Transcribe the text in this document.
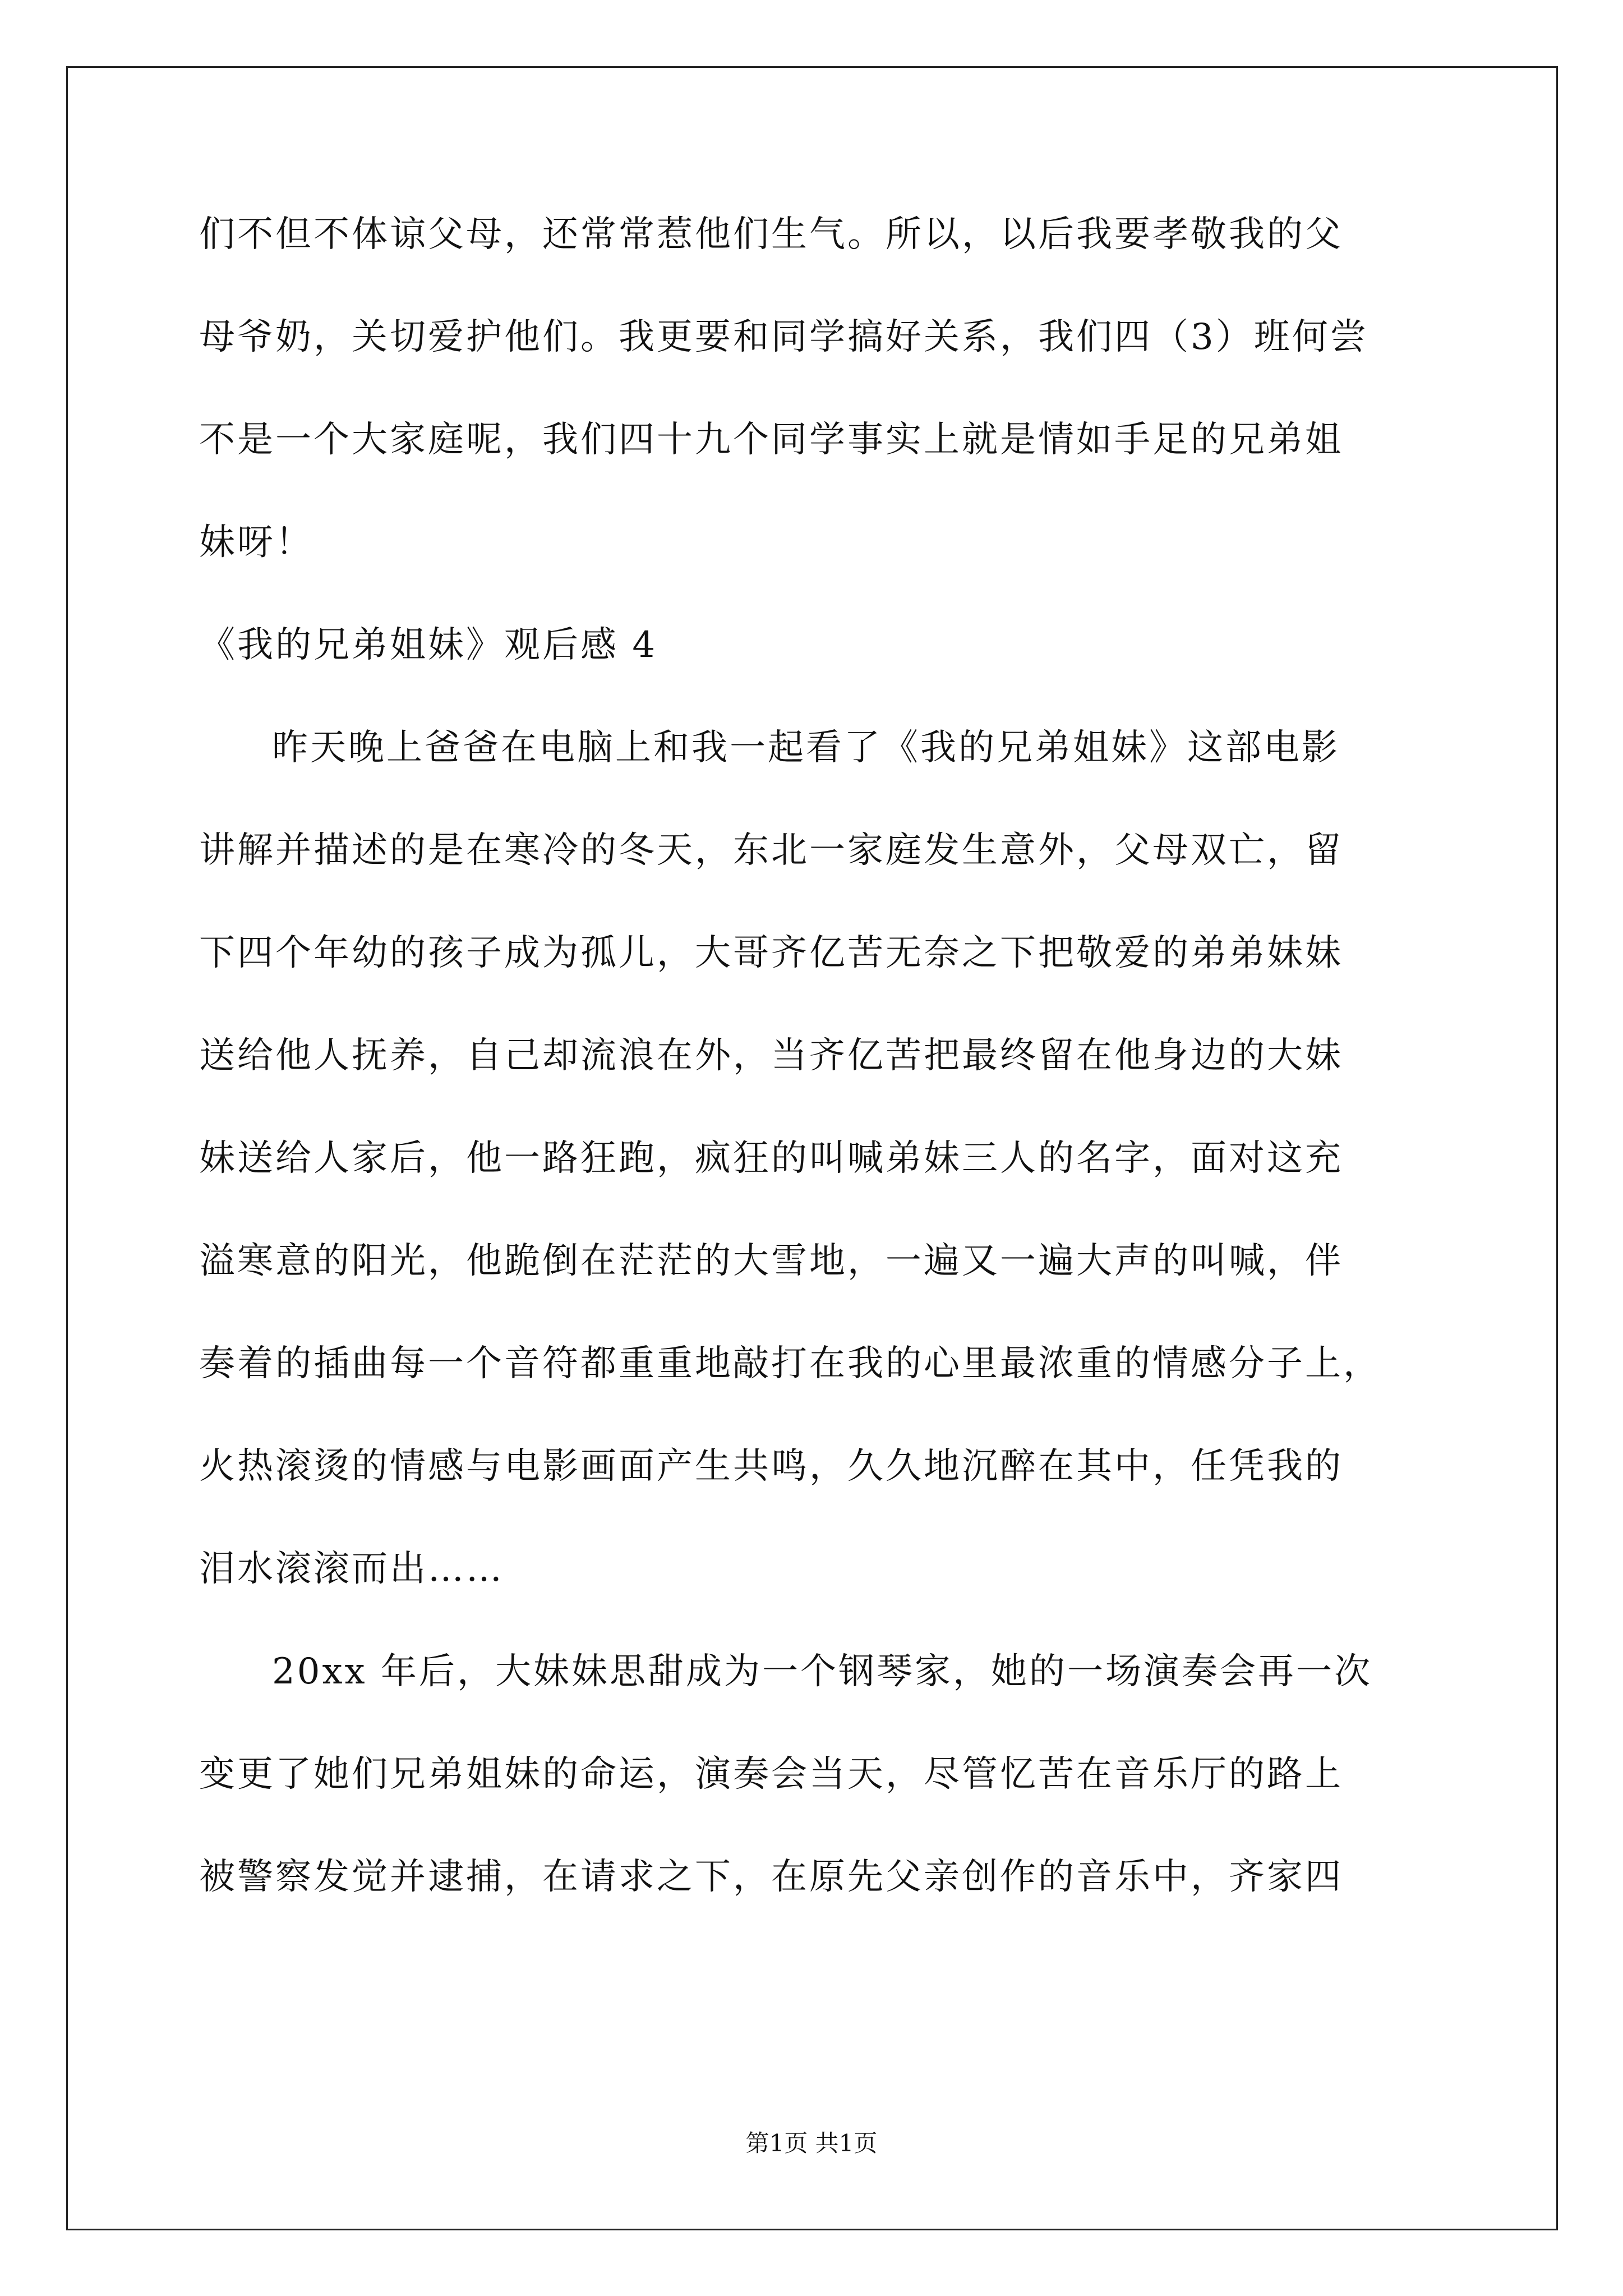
们不但不体谅父母，还常常惹他们生气。所以，以后我要孝敬我的父
母爷奶，关切爱护他们。我更要和同学搞好关系，我们四（3）班何尝
不是一个大家庭呢，我们四十九个同学事实上就是情如手足的兄弟姐
妹呀！
《我的兄弟姐妹》观后感 4
昨天晚上爸爸在电脑上和我一起看了《我的兄弟姐妹》这部电影
讲解并描述的是在寒冷的冬天，东北一家庭发生意外，父母双亡，留
下四个年幼的孩子成为孤儿，大哥齐亿苦无奈之下把敬爱的弟弟妹妹
送给他人抚养，自己却流浪在外，当齐亿苦把最终留在他身边的大妹
妹送给人家后，他一路狂跑，疯狂的叫喊弟妹三人的名字，面对这充
溢寒意的阳光，他跪倒在茫茫的大雪地，一遍又一遍大声的叫喊，伴
奏着的插曲每一个音符都重重地敲打在我的心里最浓重的情感分子上，
火热滚烫的情感与电影画面产生共鸣，久久地沉醉在其中，任凭我的
泪水滚滚而出……
20xx 年后，大妹妹思甜成为一个钢琴家，她的一场演奏会再一次
变更了她们兄弟姐妹的命运，演奏会当天，尽管忆苦在音乐厅的路上
被警察发觉并逮捕，在请求之下，在原先父亲创作的音乐中，齐家四
第1页 共1页
